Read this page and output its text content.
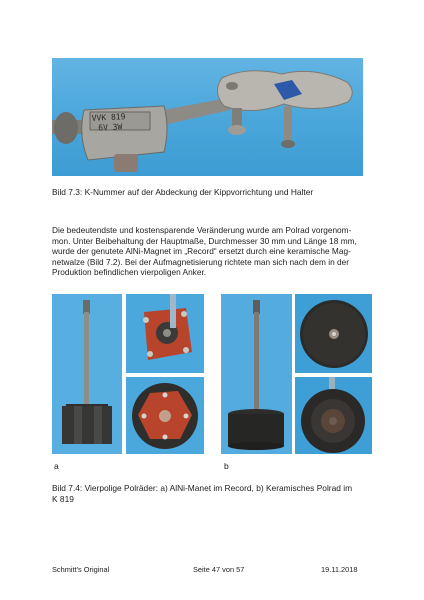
VVK 819
6V 3W
Bild 7.3: K-Nummer auf der Abdeckung der Kippvorrichtung und Halter
Die bedeutendste und kostensparende Veränderung wurde am Polrad vorgenom-
mon. Unter Beibehaltung der Hauptmaße, Durchmesser 30 mm und Länge 18 mm,
wurde der genutete AlNi-Magnet im „Record“ ersetzt durch eine keramische Mag-
netwalze (Bild 7.2). Bei der Aufmagnetisierung richtete man sich nach dem in der
Produktion befindlichen vierpoligen Anker.
a	b
Bild 7.4: Vierpolige Polräder: a) AlNi-Manet im Record, b) Keramisches Polrad im
K 819
Schmitt's Original	Seite 47 von 57	19.11.2018
